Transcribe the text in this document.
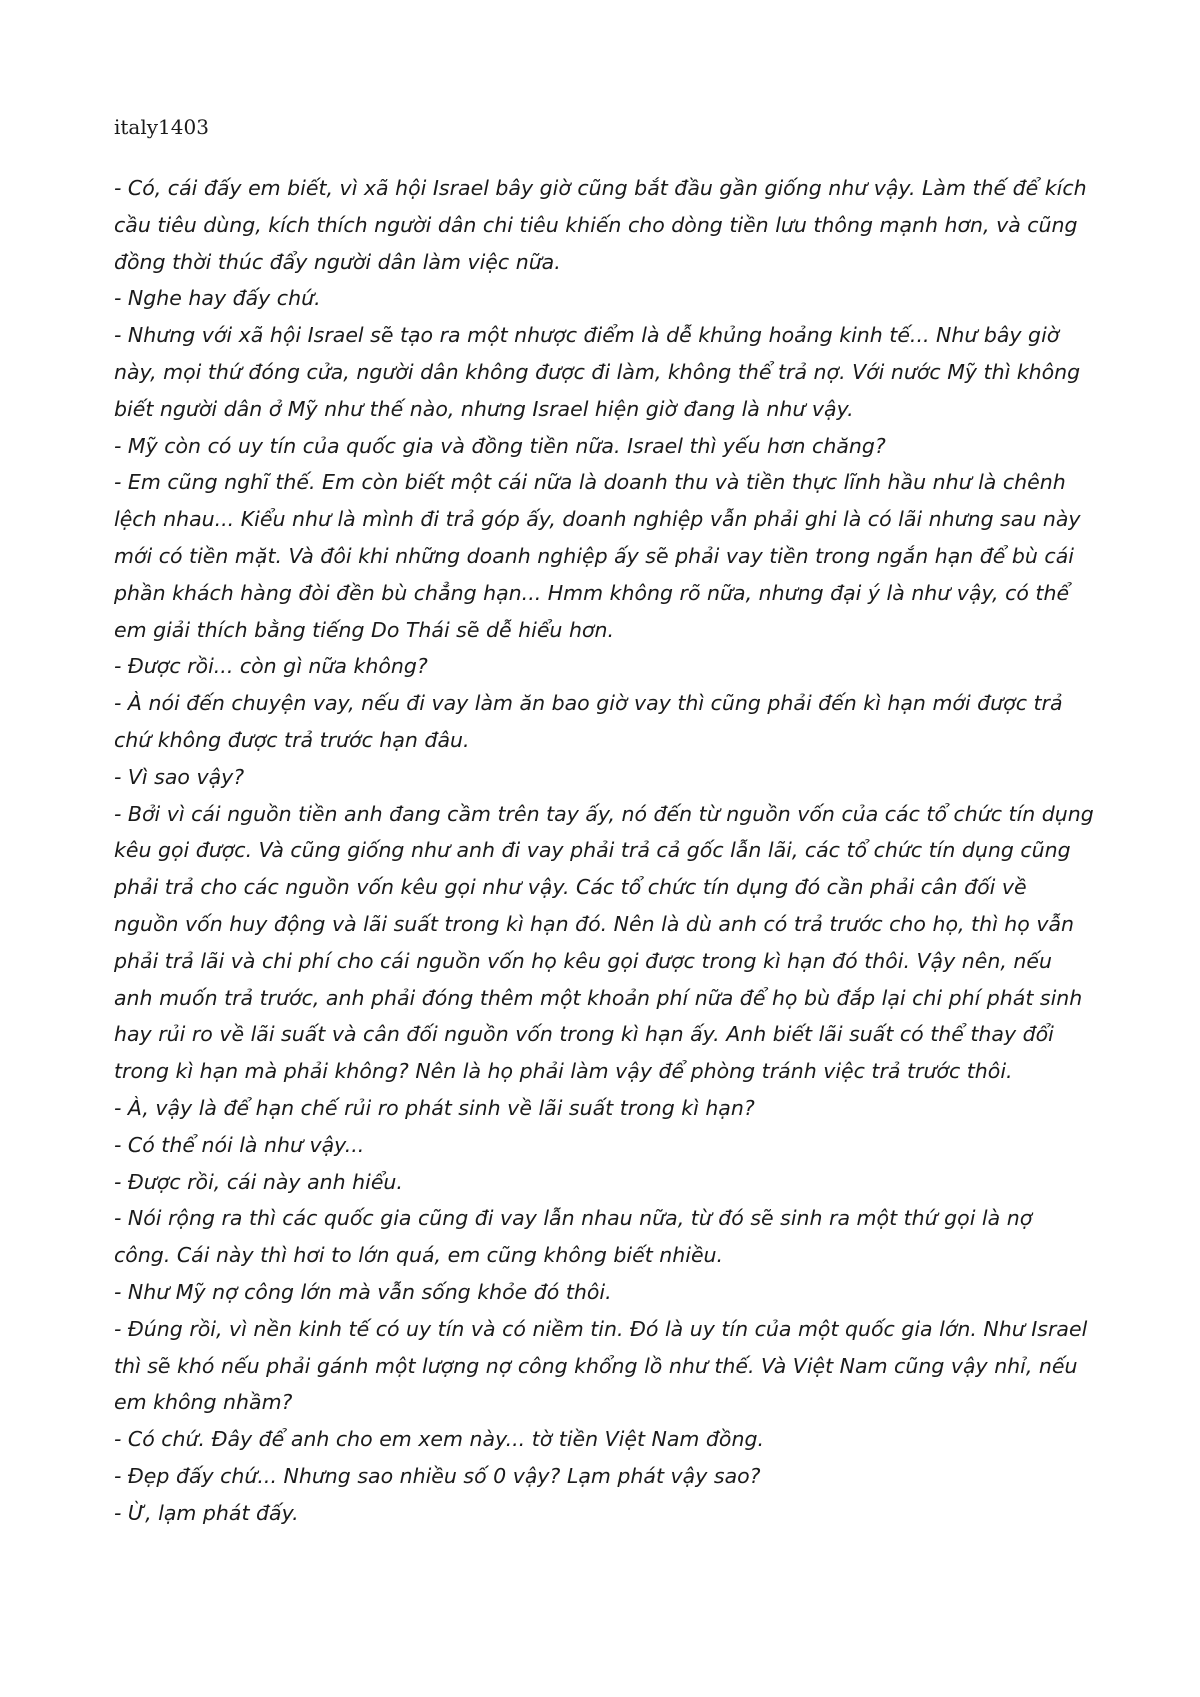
italy1403

- Có, cái đấy em biết, vì xã hội Israel bây giờ cũng bắt đầu gần giống như vậy. Làm thế để kích cầu tiêu dùng, kích thích người dân chi tiêu khiến cho dòng tiền lưu thông mạnh hơn, và cũng đồng thời thúc đẩy người dân làm việc nữa.

- Nghe hay đấy chứ.

- Nhưng với xã hội Israel sẽ tạo ra một nhược điểm là dễ khủng hoảng kinh tế... Như bây giờ này, mọi thứ đóng cửa, người dân không được đi làm, không thể trả nợ. Với nước Mỹ thì không biết người dân ở Mỹ như thế nào, nhưng Israel hiện giờ đang là như vậy.

- Mỹ còn có uy tín của quốc gia và đồng tiền nữa. Israel thì yếu hơn chăng?

- Em cũng nghĩ thế. Em còn biết một cái nữa là doanh thu và tiền thực lĩnh hầu như là chênh lệch nhau... Kiểu như là mình đi trả góp ấy, doanh nghiệp vẫn phải ghi là có lãi nhưng sau này mới có tiền mặt. Và đôi khi những doanh nghiệp ấy sẽ phải vay tiền trong ngắn hạn để bù cái phần khách hàng đòi đền bù chẳng hạn... Hmm không rõ nữa, nhưng đại ý là như vậy, có thể em giải thích bằng tiếng Do Thái sẽ dễ hiểu hơn.

- Được rồi... còn gì nữa không?

- À nói đến chuyện vay, nếu đi vay làm ăn bao giờ vay thì cũng phải đến kì hạn mới được trả chứ không được trả trước hạn đâu.

- Vì sao vậy?

- Bởi vì cái nguồn tiền anh đang cầm trên tay ấy, nó đến từ nguồn vốn của các tổ chức tín dụng kêu gọi được. Và cũng giống như anh đi vay phải trả cả gốc lẫn lãi, các tổ chức tín dụng cũng phải trả cho các nguồn vốn kêu gọi như vậy. Các tổ chức tín dụng đó cần phải cân đối về nguồn vốn huy động và lãi suất trong kì hạn đó. Nên là dù anh có trả trước cho họ, thì họ vẫn phải trả lãi và chi phí cho cái nguồn vốn họ kêu gọi được trong kì hạn đó thôi. Vậy nên, nếu anh muốn trả trước, anh phải đóng thêm một khoản phí nữa để họ bù đắp lại chi phí phát sinh hay rủi ro về lãi suất và cân đối nguồn vốn trong kì hạn ấy. Anh biết lãi suất có thể thay đổi trong kì hạn mà phải không? Nên là họ phải làm vậy để phòng tránh việc trả trước thôi.

- À, vậy là để hạn chế rủi ro phát sinh về lãi suất trong kì hạn?

- Có thể nói là như vậy...

- Được rồi, cái này anh hiểu.

- Nói rộng ra thì các quốc gia cũng đi vay lẫn nhau nữa, từ đó sẽ sinh ra một thứ gọi là nợ công. Cái này thì hơi to lớn quá, em cũng không biết nhiều.

- Như Mỹ nợ công lớn mà vẫn sống khỏe đó thôi.

- Đúng rồi, vì nền kinh tế có uy tín và có niềm tin. Đó là uy tín của một quốc gia lớn. Như Israel thì sẽ khó nếu phải gánh một lượng nợ công khổng lồ như thế. Và Việt Nam cũng vậy nhỉ, nếu em không nhầm?

- Có chứ. Đây để anh cho em xem này... tờ tiền Việt Nam đồng.

- Đẹp đấy chứ... Nhưng sao nhiều số 0 vậy? Lạm phát vậy sao?

- Ừ, lạm phát đấy.
